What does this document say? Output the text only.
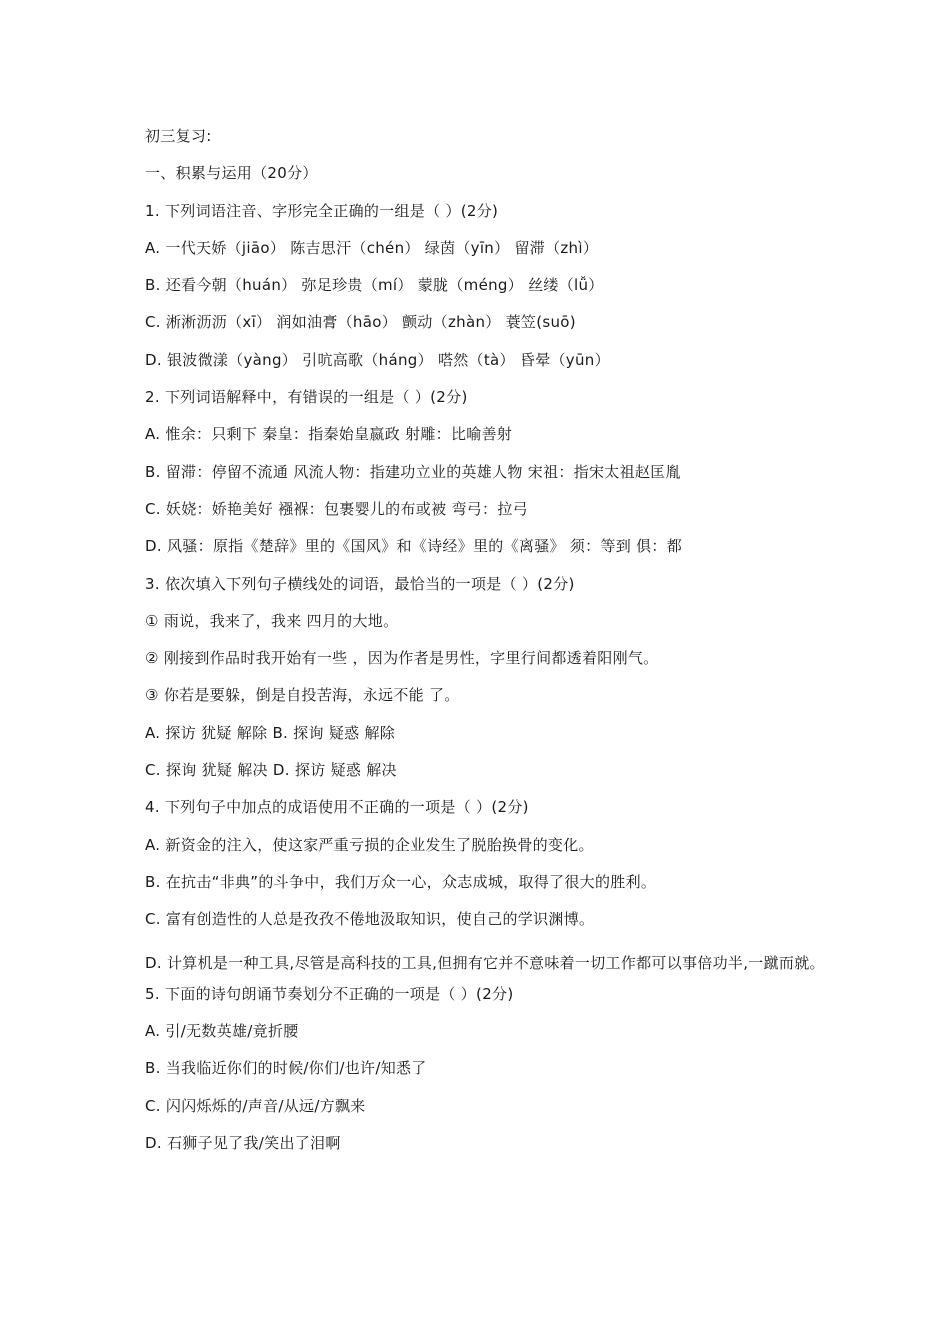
初三复习:
一、积累与运用（20分）
1. 下列词语注音、字形完全正确的一组是（ ）(2分)
A. 一代天娇（jiāo） 陈吉思汗（chén） 绿茵（yīn） 留滞（zhì）
B. 还看今朝（huán） 弥足珍贵（mí） 蒙胧（méng） 丝缕（lǚ）
C. 淅淅沥沥（xī） 润如油膏（hāo） 颤动（zhàn） 蓑笠(suō)
D. 银波微漾（yàng） 引吭高歌（háng） 嗒然（tà） 昏晕（yūn）
2. 下列词语解释中，有错误的一组是（ ）(2分)
A. 惟余：只剩下 秦皇：指秦始皇嬴政 射雕：比喻善射
B. 留滞：停留不流通 风流人物：指建功立业的英雄人物 宋祖：指宋太祖赵匡胤
C. 妖娆：娇艳美好 襁褓：包裹婴儿的布或被 弯弓：拉弓
D. 风骚：原指《楚辞》里的《国风》和《诗经》里的《离骚》 须：等到 俱：都
3. 依次填入下列句子横线处的词语，最恰当的一项是（ ）(2分)
① 雨说，我来了，我来 四月的大地。
② 刚接到作品时我开始有一些 ，因为作者是男性，字里行间都透着阳刚气。
③ 你若是要躲，倒是自投苦海，永远不能 了。
A. 探访 犹疑 解除 B. 探询 疑惑 解除
C. 探询 犹疑 解决 D. 探访 疑惑 解决
4. 下列句子中加点的成语使用不正确的一项是（ ）(2分)
A. 新资金的注入，使这家严重亏损的企业发生了脱胎换骨的变化。
B. 在抗击“非典”的斗争中，我们万众一心，众志成城，取得了很大的胜利。
C. 富有创造性的人总是孜孜不倦地汲取知识，使自己的学识渊博。
D. 计算机是一种工具,尽管是高科技的工具,但拥有它并不意味着一切工作都可以事倍功半,一蹴而就。
5. 下面的诗句朗诵节奏划分不正确的一项是（ ）(2分)
A. 引/无数英雄/竟折腰
B. 当我临近你们的时候/你们/也许/知悉了
C. 闪闪烁烁的/声音/从远/方飘来
D. 石狮子见了我/笑出了泪啊
